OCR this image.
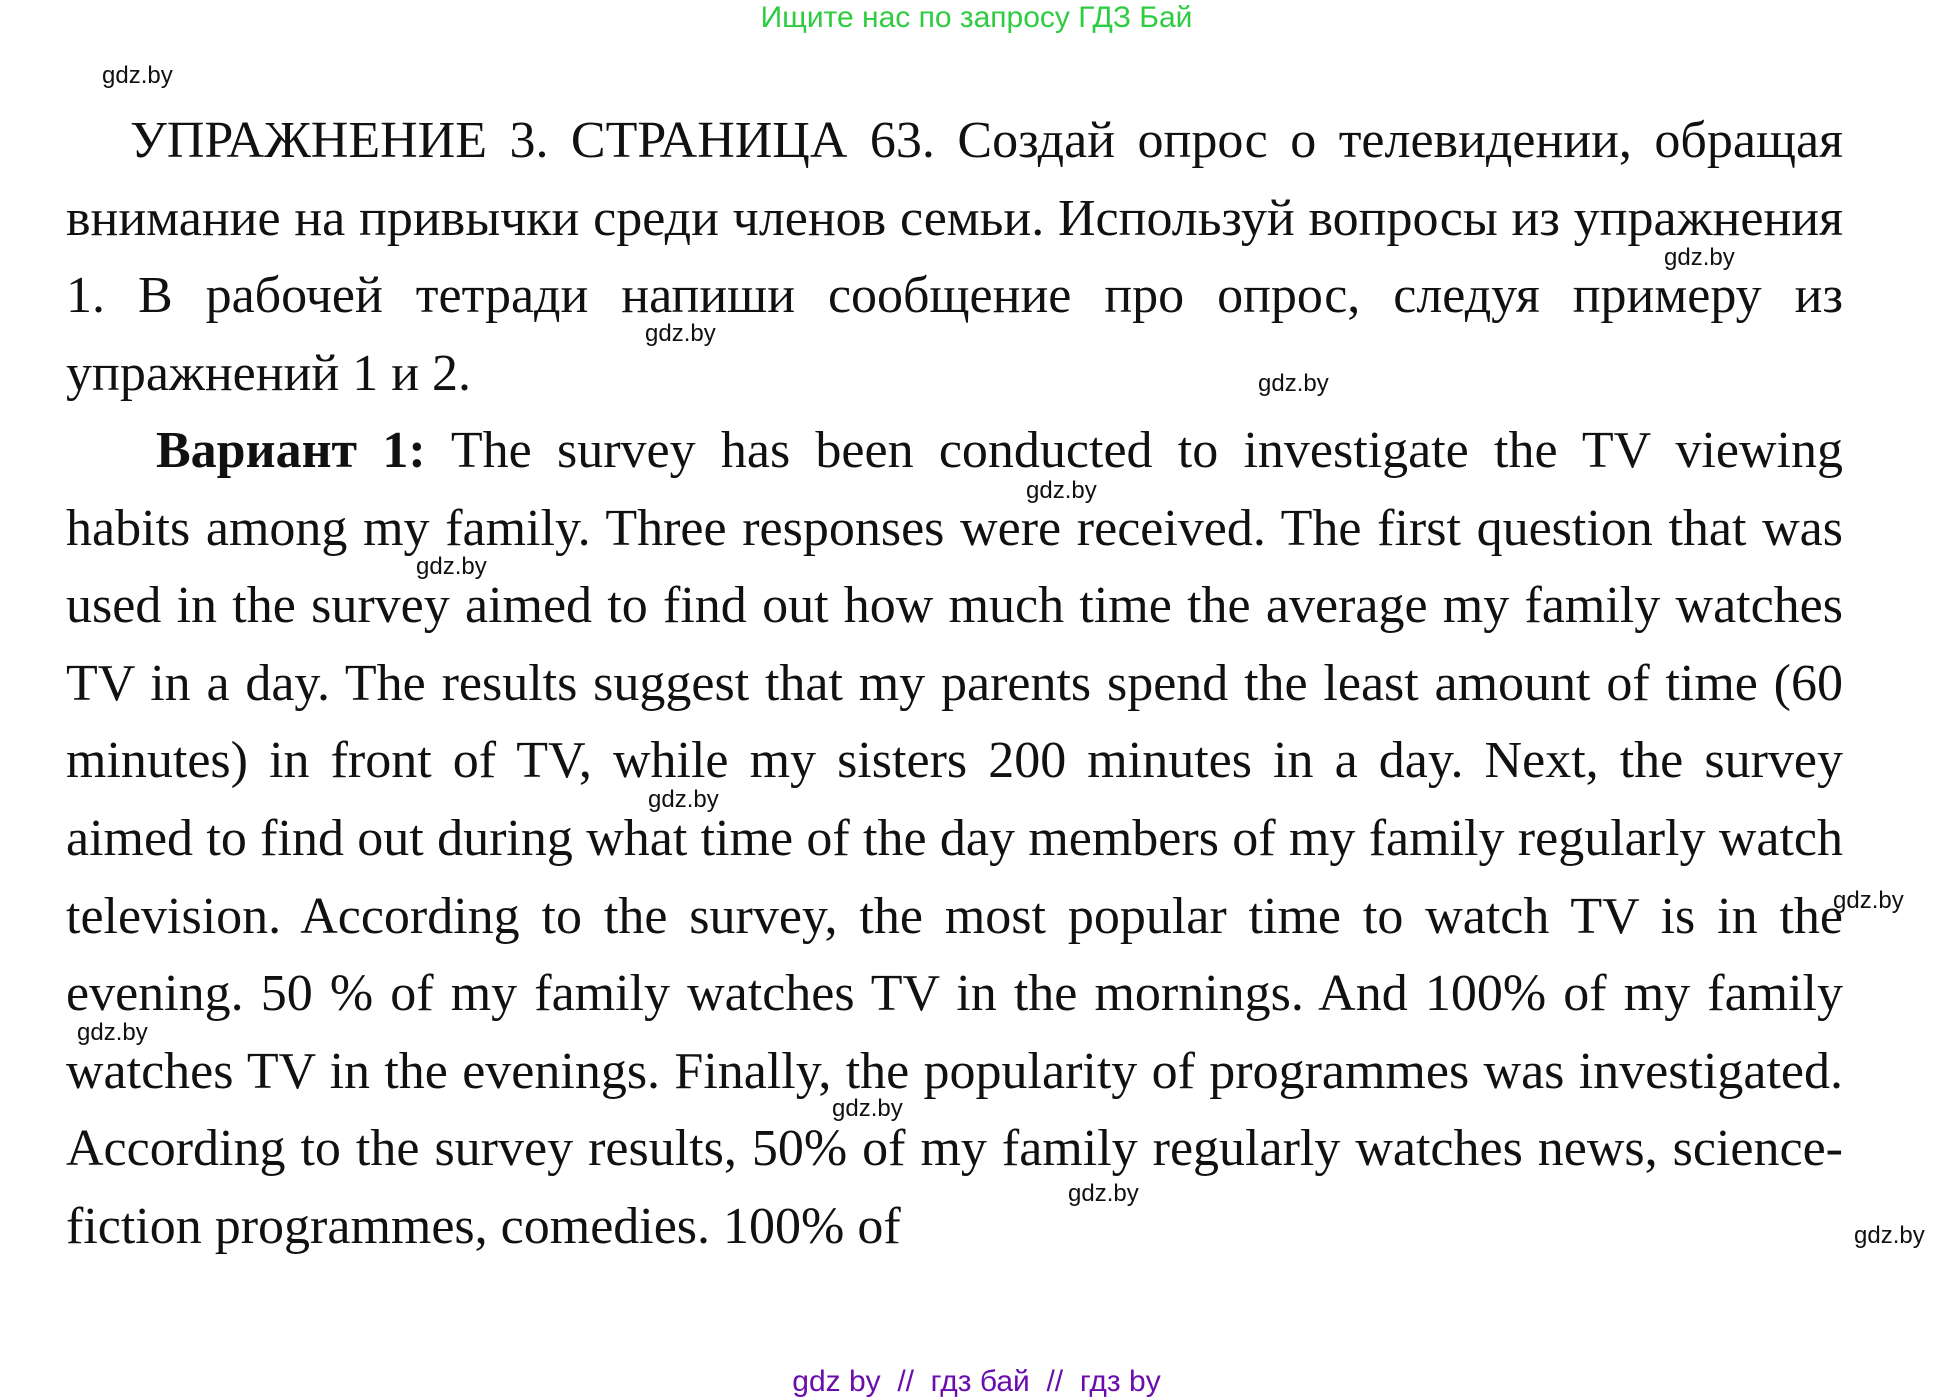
Ищите нас по запросу ГДЗ Бай
УПРАЖНЕНИЕ 3. СТРАНИЦА 63. Создай опрос о телевидении, обращая внимание на привычки среди членов семьи. Используй вопросы из упражнения 1. В рабочей тетради напиши сообщение про опрос, следуя примеру из упражнений 1 и 2.
Вариант 1: The survey has been conducted to investigate the TV viewing habits among my family. Three responses were received. The first question that was used in the survey aimed to find out how much time the average my family watches TV in a day. The results suggest that my parents spend the least amount of time (60 minutes) in front of TV, while my sisters 200 minutes in a day. Next, the survey aimed to find out during what time of the day members of my family regularly watch television. According to the survey, the most popular time to watch TV is in the evening. 50 % of my family watches TV in the mornings. And 100% of my family watches TV in the evenings. Finally, the popularity of programmes was investigated. According to the survey results, 50% of my family regularly watches news, science-fiction programmes, comedies. 100% of
gdz.by
gdz.by
gdz.by
gdz.by
gdz.by
gdz.by
gdz.by
gdz.by
gdz.by
gdz.by
gdz.by
gdz.by
gdz by  //  гдз бай  //  гдз by
